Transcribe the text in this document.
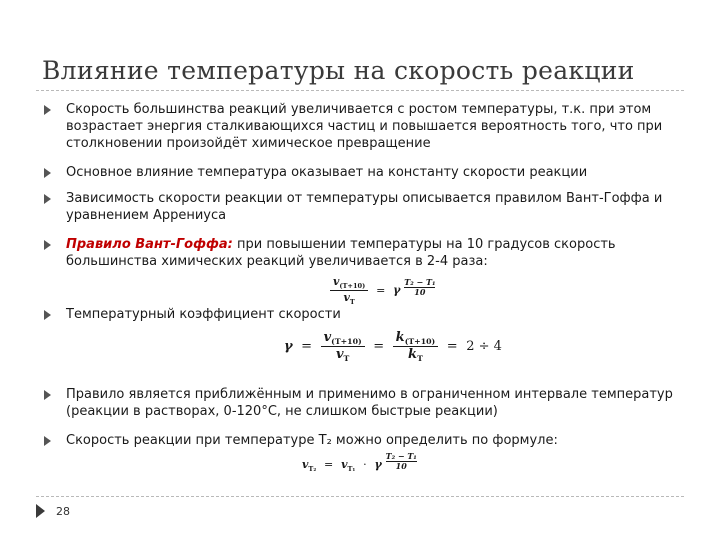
Влияние температуры на скорость реакции
Скорость большинства реакций увеличивается с ростом температуры, т.к. при этом возрастает энергия сталкивающихся частиц и повышается вероятность того, что при столкновении произойдёт химическое превращение
Основное влияние температура оказывает на константу скорости реакции
Зависимость скорости реакции от температуры описывается правилом Вант-Гоффа и уравнением Аррениуса
Правило Вант-Гоффа: при повышении температуры на 10 градусов скорость большинства химических реакций увеличивается в 2-4 раза:
$\frac{v_{(T+10)}}{v_T} = \gamma \frac{\text{T₂ − T₁}}{10}$
Температурный коэффициент скорости
$\gamma = \frac{v_{(T+10)}}{v_T} = \frac{k_{(T+10)}}{k_T} = 2 \div 4$
Правило является приближённым и применимо в ограниченном интервале температур (реакции в растворах, 0-120°C, не слишком быстрые реакции)
Скорость реакции при температуре T₂ можно определить по формуле:
$v_{T_2} = v_{T_1} \cdot \gamma \frac{\text{T₂ − T₁}}{10}$
28
